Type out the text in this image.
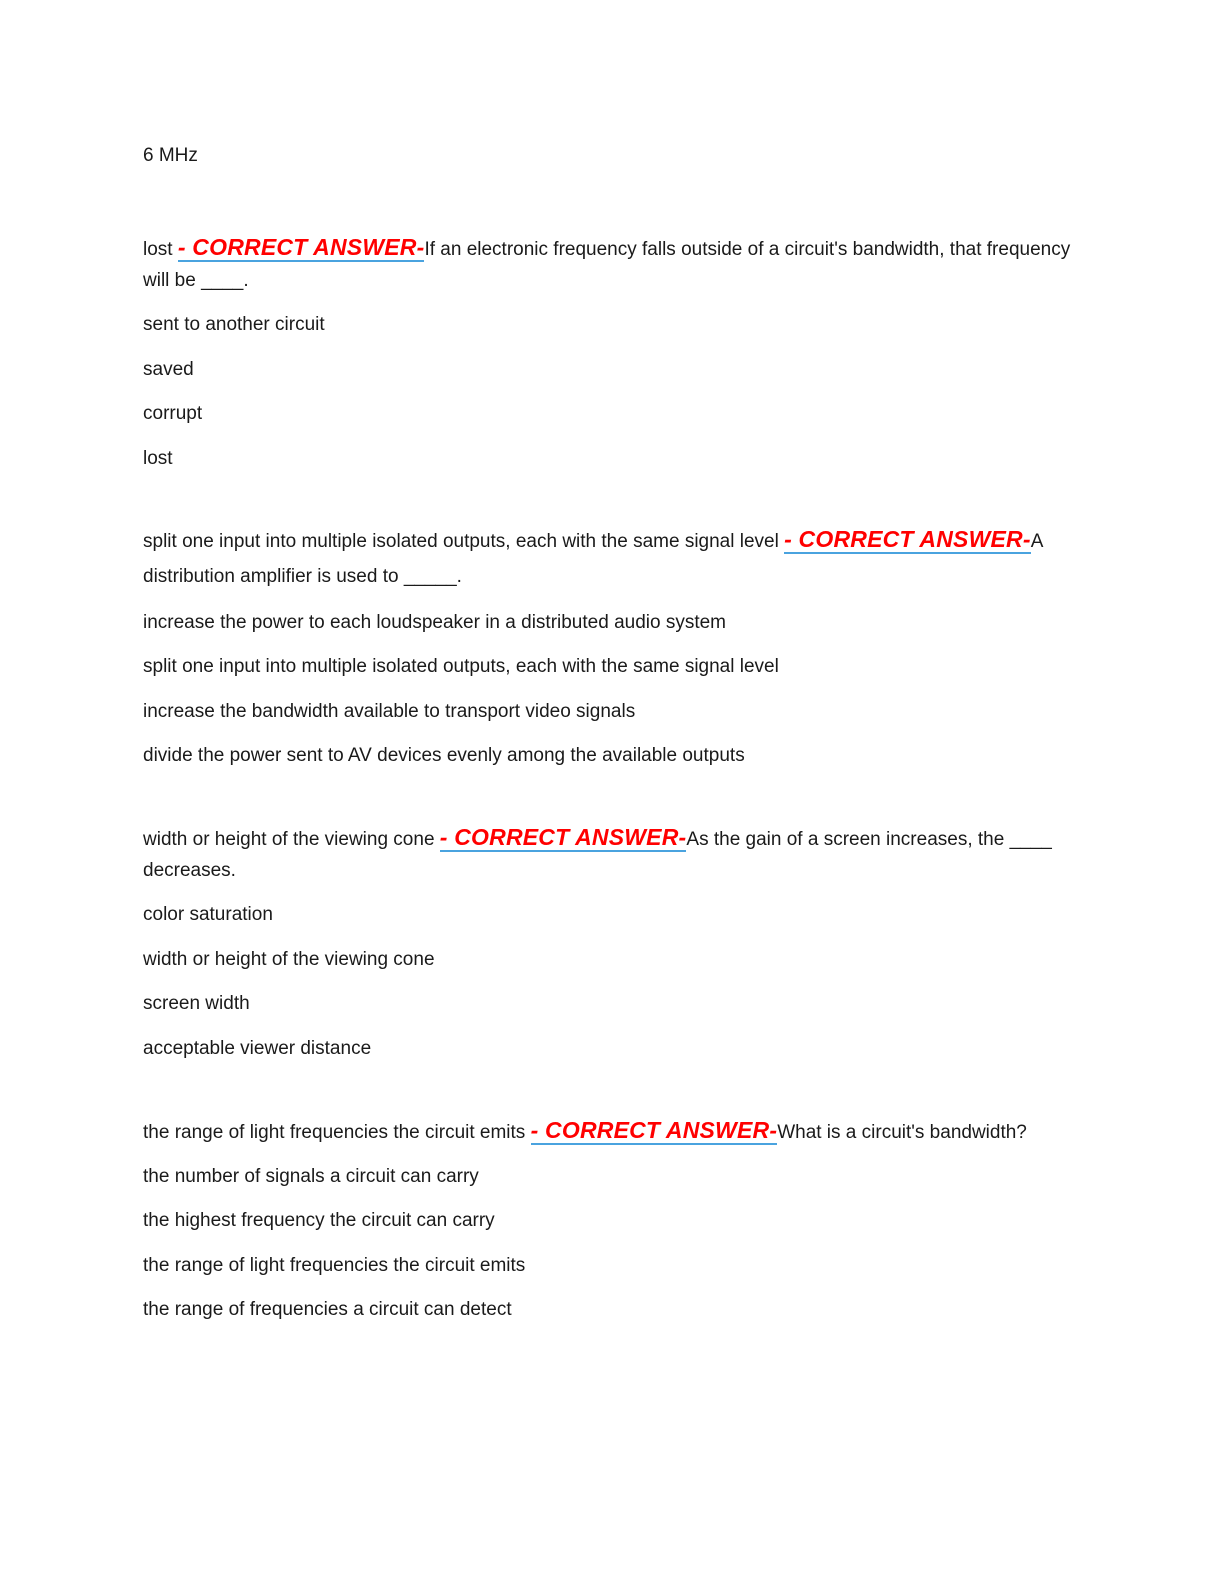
6 MHz

lost - CORRECT ANSWER-If an electronic frequency falls outside of a circuit's bandwidth, that frequency will be ____.

sent to another circuit

saved

corrupt

lost

split one input into multiple isolated outputs, each with the same signal level - CORRECT ANSWER-A distribution amplifier is used to _____.

increase the power to each loudspeaker in a distributed audio system

split one input into multiple isolated outputs, each with the same signal level

increase the bandwidth available to transport video signals

divide the power sent to AV devices evenly among the available outputs

width or height of the viewing cone - CORRECT ANSWER-As the gain of a screen increases, the ____ decreases.

color saturation

width or height of the viewing cone

screen width

acceptable viewer distance

the range of light frequencies the circuit emits - CORRECT ANSWER-What is a circuit's bandwidth?

the number of signals a circuit can carry

the highest frequency the circuit can carry

the range of light frequencies the circuit emits

the range of frequencies a circuit can detect
